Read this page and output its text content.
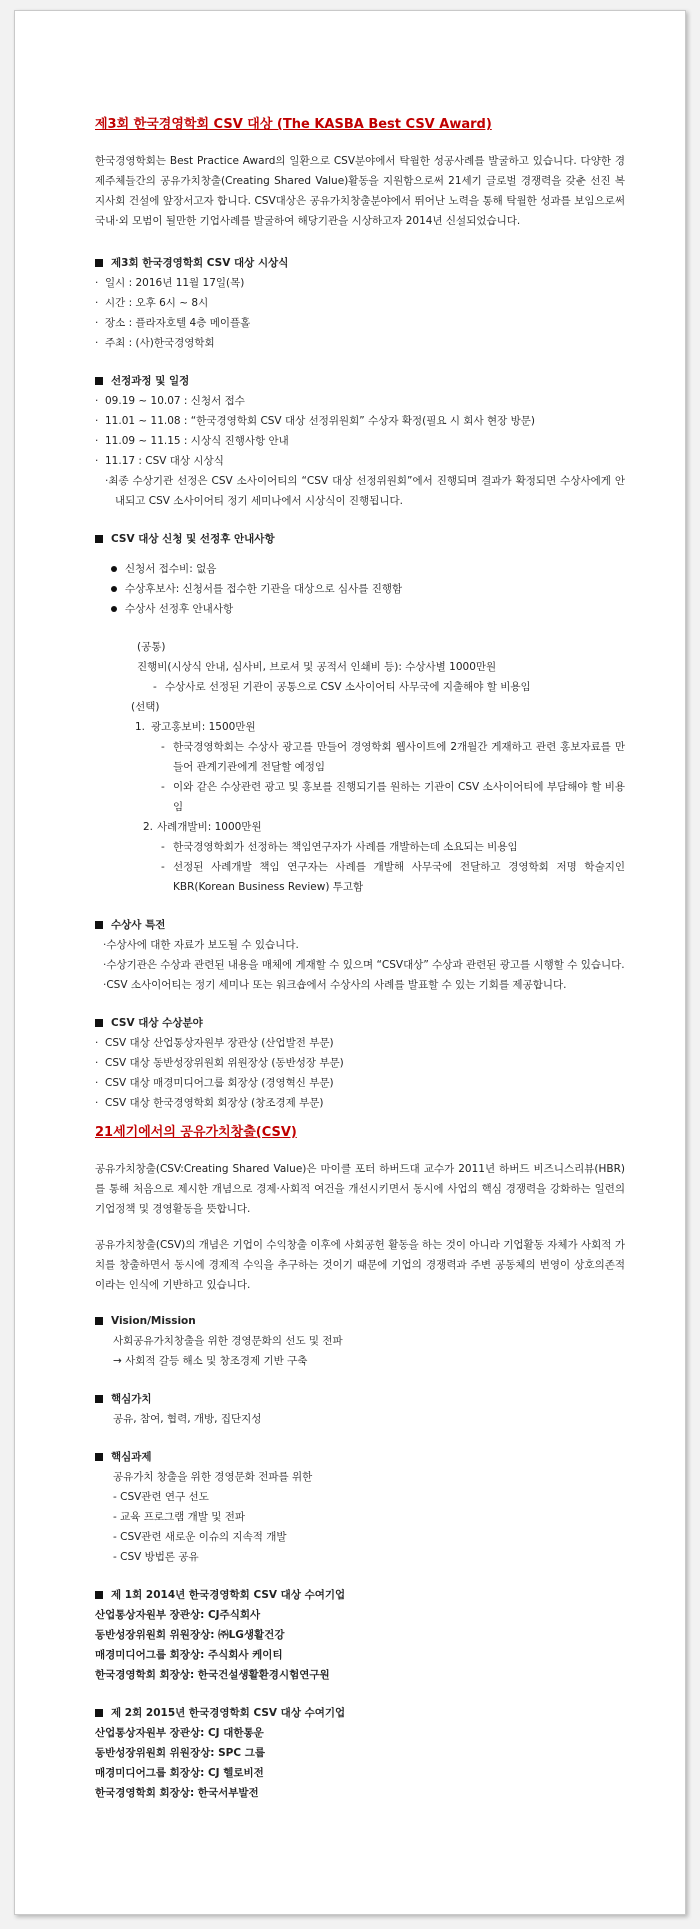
제3회 한국경영학회 CSV 대상 (The KASBA Best CSV Award)
한국경영학회는 Best Practice Award의 일환으로 CSV분야에서 탁월한 성공사례를 발굴하고 있습니다. 다양한 경제주체들간의 공유가치창출(Creating Shared Value)활동을 지원함으로써 21세기 글로벌 경쟁력을 갖춘 선진 복지사회 건설에 앞장서고자 합니다. CSV대상은 공유가치창출분야에서 뛰어난 노력을 통해 탁월한 성과를 보임으로써 국내·외 모범이 될만한 기업사례를 발굴하여 해당기관을 시상하고자 2014년 신설되었습니다.
제3회 한국경영학회 CSV 대상 시상식
· 일시 : 2016년 11월 17일(목)
· 시간 : 오후 6시 ~ 8시
· 장소 : 플라자호텔 4층 메이플홀
· 주최 : (사)한국경영학회
선정과정 및 일정
· 09.19 ~ 10.07 : 신청서 접수
· 11.01 ~ 11.08 : “한국경영학회 CSV 대상 선정위원회” 수상자 확정(필요 시 회사 현장 방문)
· 11.09 ~ 11.15 : 시상식 진행사항 안내
· 11.17 : CSV 대상 시상식
·최종 수상기관 선정은 CSV 소사이어티의 “CSV 대상 선정위원회”에서 진행되며 결과가 확정되면 수상사에게 안내되고 CSV 소사이어티 정기 세미나에서 시상식이 진행됩니다.
CSV 대상 신청 및 선정후 안내사항
신청서 접수비: 없음
수상후보사: 신청서를 접수한 기관을 대상으로 심사를 진행함
수상사 선정후 안내사항
(공통)
진행비(시상식 안내, 심사비, 브로셔 및 공적서 인쇄비 등): 수상사별 1000만원
- 수상사로 선정된 기관이 공통으로 CSV 소사이어티 사무국에 지출해야 할 비용임
(선택)
1. 광고홍보비: 1500만원
- 한국경영학회는 수상사 광고를 만들어 경영학회 웹사이트에 2개월간 게재하고 관련 홍보자료를 만들어 관계기관에게 전달할 예정임
- 이와 같은 수상관련 광고 및 홍보를 진행되기를 원하는 기관이 CSV 소사이어티에 부담해야 할 비용임
2. 사례개발비: 1000만원
- 한국경영학회가 선정하는 책임연구자가 사례를 개발하는데 소요되는 비용임
- 선정된 사례개발 책임 연구자는 사례를 개발해 사무국에 전달하고 경영학회 저명 학술지인 KBR(Korean Business Review) 투고함
수상사 특전
·수상사에 대한 자료가 보도될 수 있습니다.
·수상기관은 수상과 관련된 내용을 매체에 게재할 수 있으며 “CSV대상” 수상과 관련된 광고를 시행할 수 있습니다.
·CSV 소사이어티는 정기 세미나 또는 워크숍에서 수상사의 사례를 발표할 수 있는 기회를 제공합니다.
CSV 대상 수상분야
· CSV 대상 산업통상자원부 장관상 (산업발전 부문)
· CSV 대상 동반성장위원회 위원장상 (동반성장 부문)
· CSV 대상 매경미디어그룹 회장상 (경영혁신 부문)
· CSV 대상 한국경영학회 회장상 (창조경제 부문)
21세기에서의 공유가치창출(CSV)
공유가치창출(CSV:Creating Shared Value)은 마이클 포터 하버드대 교수가 2011년 하버드 비즈니스리뷰(HBR)를 통해 처음으로 제시한 개념으로 경제·사회적 여건을 개선시키면서 동시에 사업의 핵심 경쟁력을 강화하는 일련의 기업정책 및 경영활동을 뜻합니다.
공유가치창출(CSV)의 개념은 기업이 수익창출 이후에 사회공헌 활동을 하는 것이 아니라 기업활동 자체가 사회적 가치를 창출하면서 동시에 경제적 수익을 추구하는 것이기 때문에 기업의 경쟁력과 주변 공동체의 번영이 상호의존적이라는 인식에 기반하고 있습니다.
Vision/Mission
사회공유가치창출을 위한 경영문화의 선도 및 전파
→ 사회적 갈등 해소 및 창조경제 기반 구축
핵심가치
공유, 참여, 협력, 개방, 집단지성
핵심과제
공유가치 창출을 위한 경영문화 전파를 위한
- CSV관련 연구 선도
- 교육 프로그램 개발 및 전파
- CSV관련 새로운 이슈의 지속적 개발
- CSV 방법론 공유
제 1회 2014년 한국경영학회 CSV 대상 수여기업
산업통상자원부 장관상: CJ주식회사
동반성장위원회 위원장상: ㈜LG생활건강
매경미디어그룹 회장상: 주식회사 케이티
한국경영학회 회장상: 한국건설생활환경시험연구원
제 2회 2015년 한국경영학회 CSV 대상 수여기업
산업통상자원부 장관상: CJ 대한통운
동반성장위원회 위원장상: SPC 그룹
매경미디어그룹 회장상: CJ 헬로비전
한국경영학회 회장상: 한국서부발전
